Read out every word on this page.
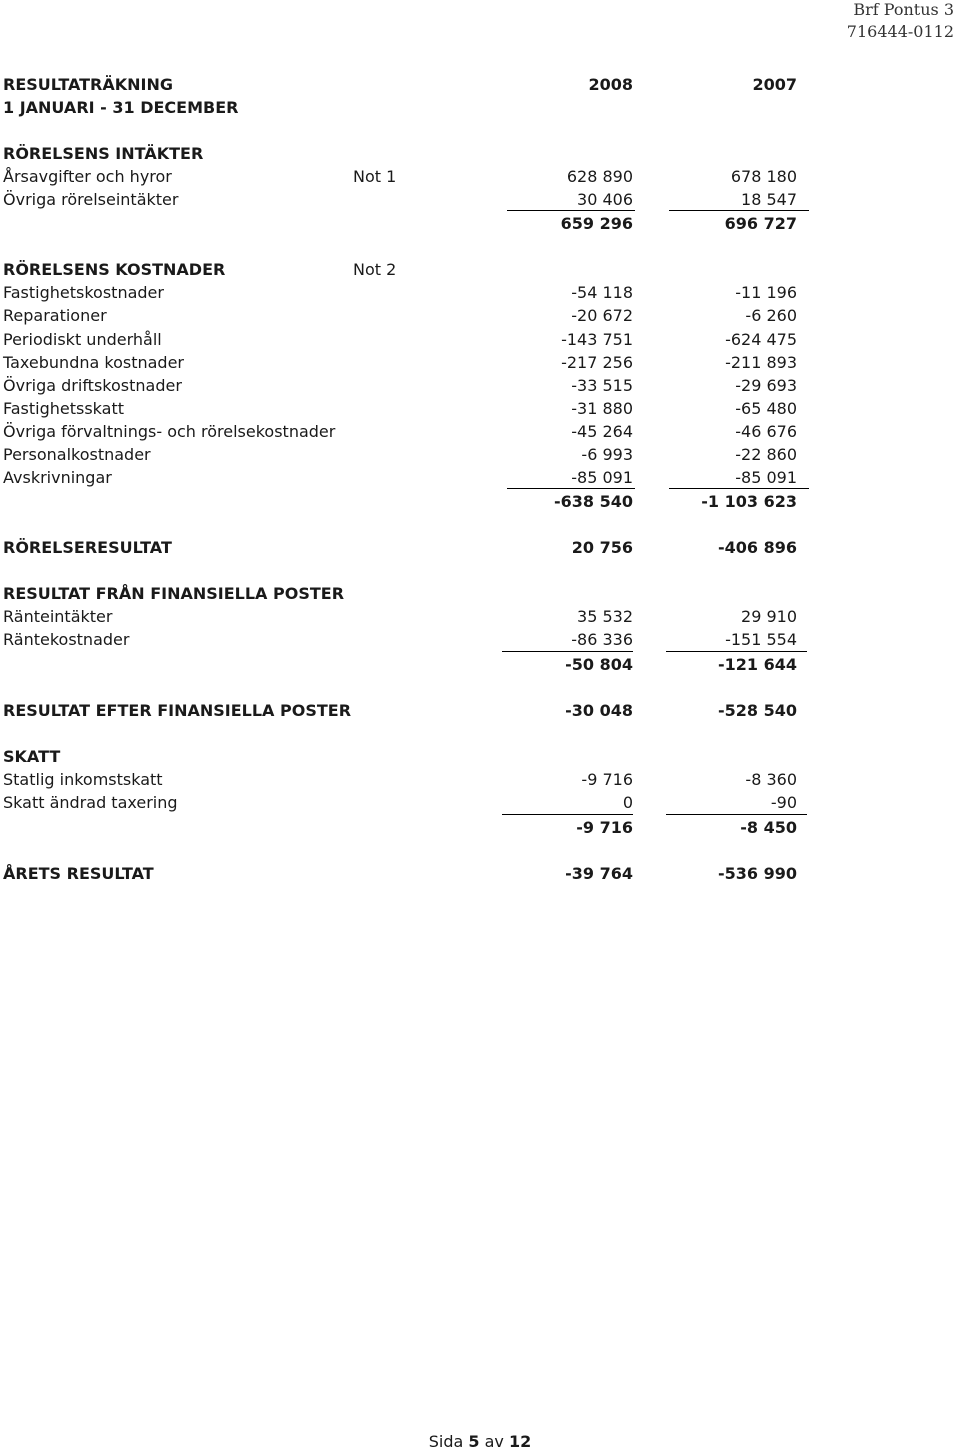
Brf Pontus 3
716444-0112
RESULTATRÄKNING	2008	2007
1 JANUARI - 31 DECEMBER
RÖRELSENS INTÄKTER
Årsavgifter och hyror	Not 1	628 890	678 180
Övriga rörelseintäkter	30 406	18 547
659 296	696 727
RÖRELSENS KOSTNADER	Not 2
Fastighetskostnader	-54 118	-11 196
Reparationer	-20 672	-6 260
Periodiskt underhåll	-143 751	-624 475
Taxebundna kostnader	-217 256	-211 893
Övriga driftskostnader	-33 515	-29 693
Fastighetsskatt	-31 880	-65 480
Övriga förvaltnings- och rörelsekostnader	-45 264	-46 676
Personalkostnader	-6 993	-22 860
Avskrivningar	-85 091	-85 091
-638 540	-1 103 623
RÖRELSERESULTAT	20 756	-406 896
RESULTAT FRÅN FINANSIELLA POSTER
Ränteintäkter	35 532	29 910
Räntekostnader	-86 336	-151 554
-50 804	-121 644
RESULTAT EFTER FINANSIELLA POSTER	-30 048	-528 540
SKATT
Statlig inkomstskatt	-9 716	-8 360
Skatt ändrad taxering	0	-90
-9 716	-8 450
ÅRETS RESULTAT	-39 764	-536 990
Sida 5 av 12
